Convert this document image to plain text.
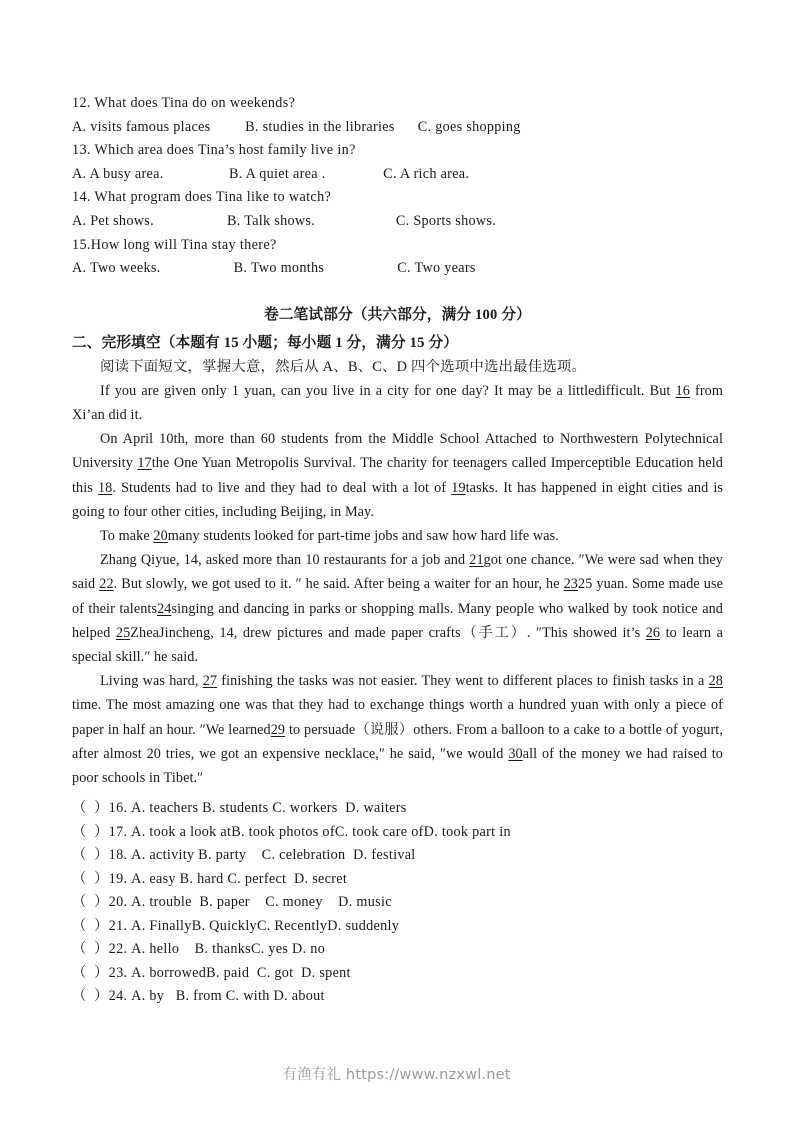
12. What does Tina do on weekends?
A. visits famous places         B. studies in the libraries      C. goes shopping
13. Which area does Tina’s host family live in?
A. A busy area.                 B. A quiet area .               C. A rich area.
14. What program does Tina like to watch?
A. Pet shows.                   B. Talk shows.                     C. Sports shows.
15.How long will Tina stay there?
A. Two weeks.                   B. Two months                   C. Two years
卷二笔试部分（共六部分，满分 100 分）
二、完形填空（本题有 15 小题；每小题 1 分，满分 15 分）
阅读下面短文，掌握大意，然后从 A、B、C、D 四个选项中选出最佳选项。

If you are given only 1 yuan, can you live in a city for one day? It may be a littledifficult. But 16 from Xi’an did it.

On April 10th, more than 60 students from the Middle School Attached to Northwestern Polytechnical University 17the One Yuan Metropolis Survival. The charity for teenagers called Imperceptible Education held this 18. Students had to live and they had to deal with a lot of 19tasks. It has happened in eight cities and is going to four other cities, including Beijing, in May.

To make 20many students looked for part-time jobs and saw how hard life was.

Zhang Qiyue, 14, asked more than 10 restaurants for a job and 21got one chance. ″We were sad when they said 22. But slowly, we got used to it. ″ he said. After being a waiter for an hour, he 2325 yuan. Some made use of their talents24singing and dancing in parks or shopping malls. Many people who walked by took notice and helped 25ZheaJincheng, 14, drew pictures and made paper crafts（手工）. ″This showed it’s 26 to learn a special skill.″ he said.

Living was hard, 27 finishing the tasks was not easier. They went to different places to finish tasks in a 28 time. The most amazing one was that they had to exchange things worth a hundred yuan with only a piece of paper in half an hour. ″We learned29 to persuade（说服）others. From a balloon to a cake to a bottle of yogurt, after almost 20 tries, we got an expensive necklace,″ he said, ″we would 30all of the money we had raised to poor schools in Tibet.″

（  ）16. A. teachers B. students C. workers  D. waiters
（  ）17. A. took a look atB. took photos ofC. took care ofD. took part in
（  ）18. A. activity B. party    C. celebration  D. festival
（  ）19. A. easy B. hard C. perfect  D. secret
（  ）20. A. trouble  B. paper    C. money    D. music
（  ）21. A. FinallyB. QuicklyC. RecentlyD. suddenly
（  ）22. A. hello    B. thanksC. yes D. no
（  ）23. A. borrowedB. paid  C. got  D. spent
（  ）24. A. by   B. from C. with D. about
有渔有礼 https://www.nzxwl.net
